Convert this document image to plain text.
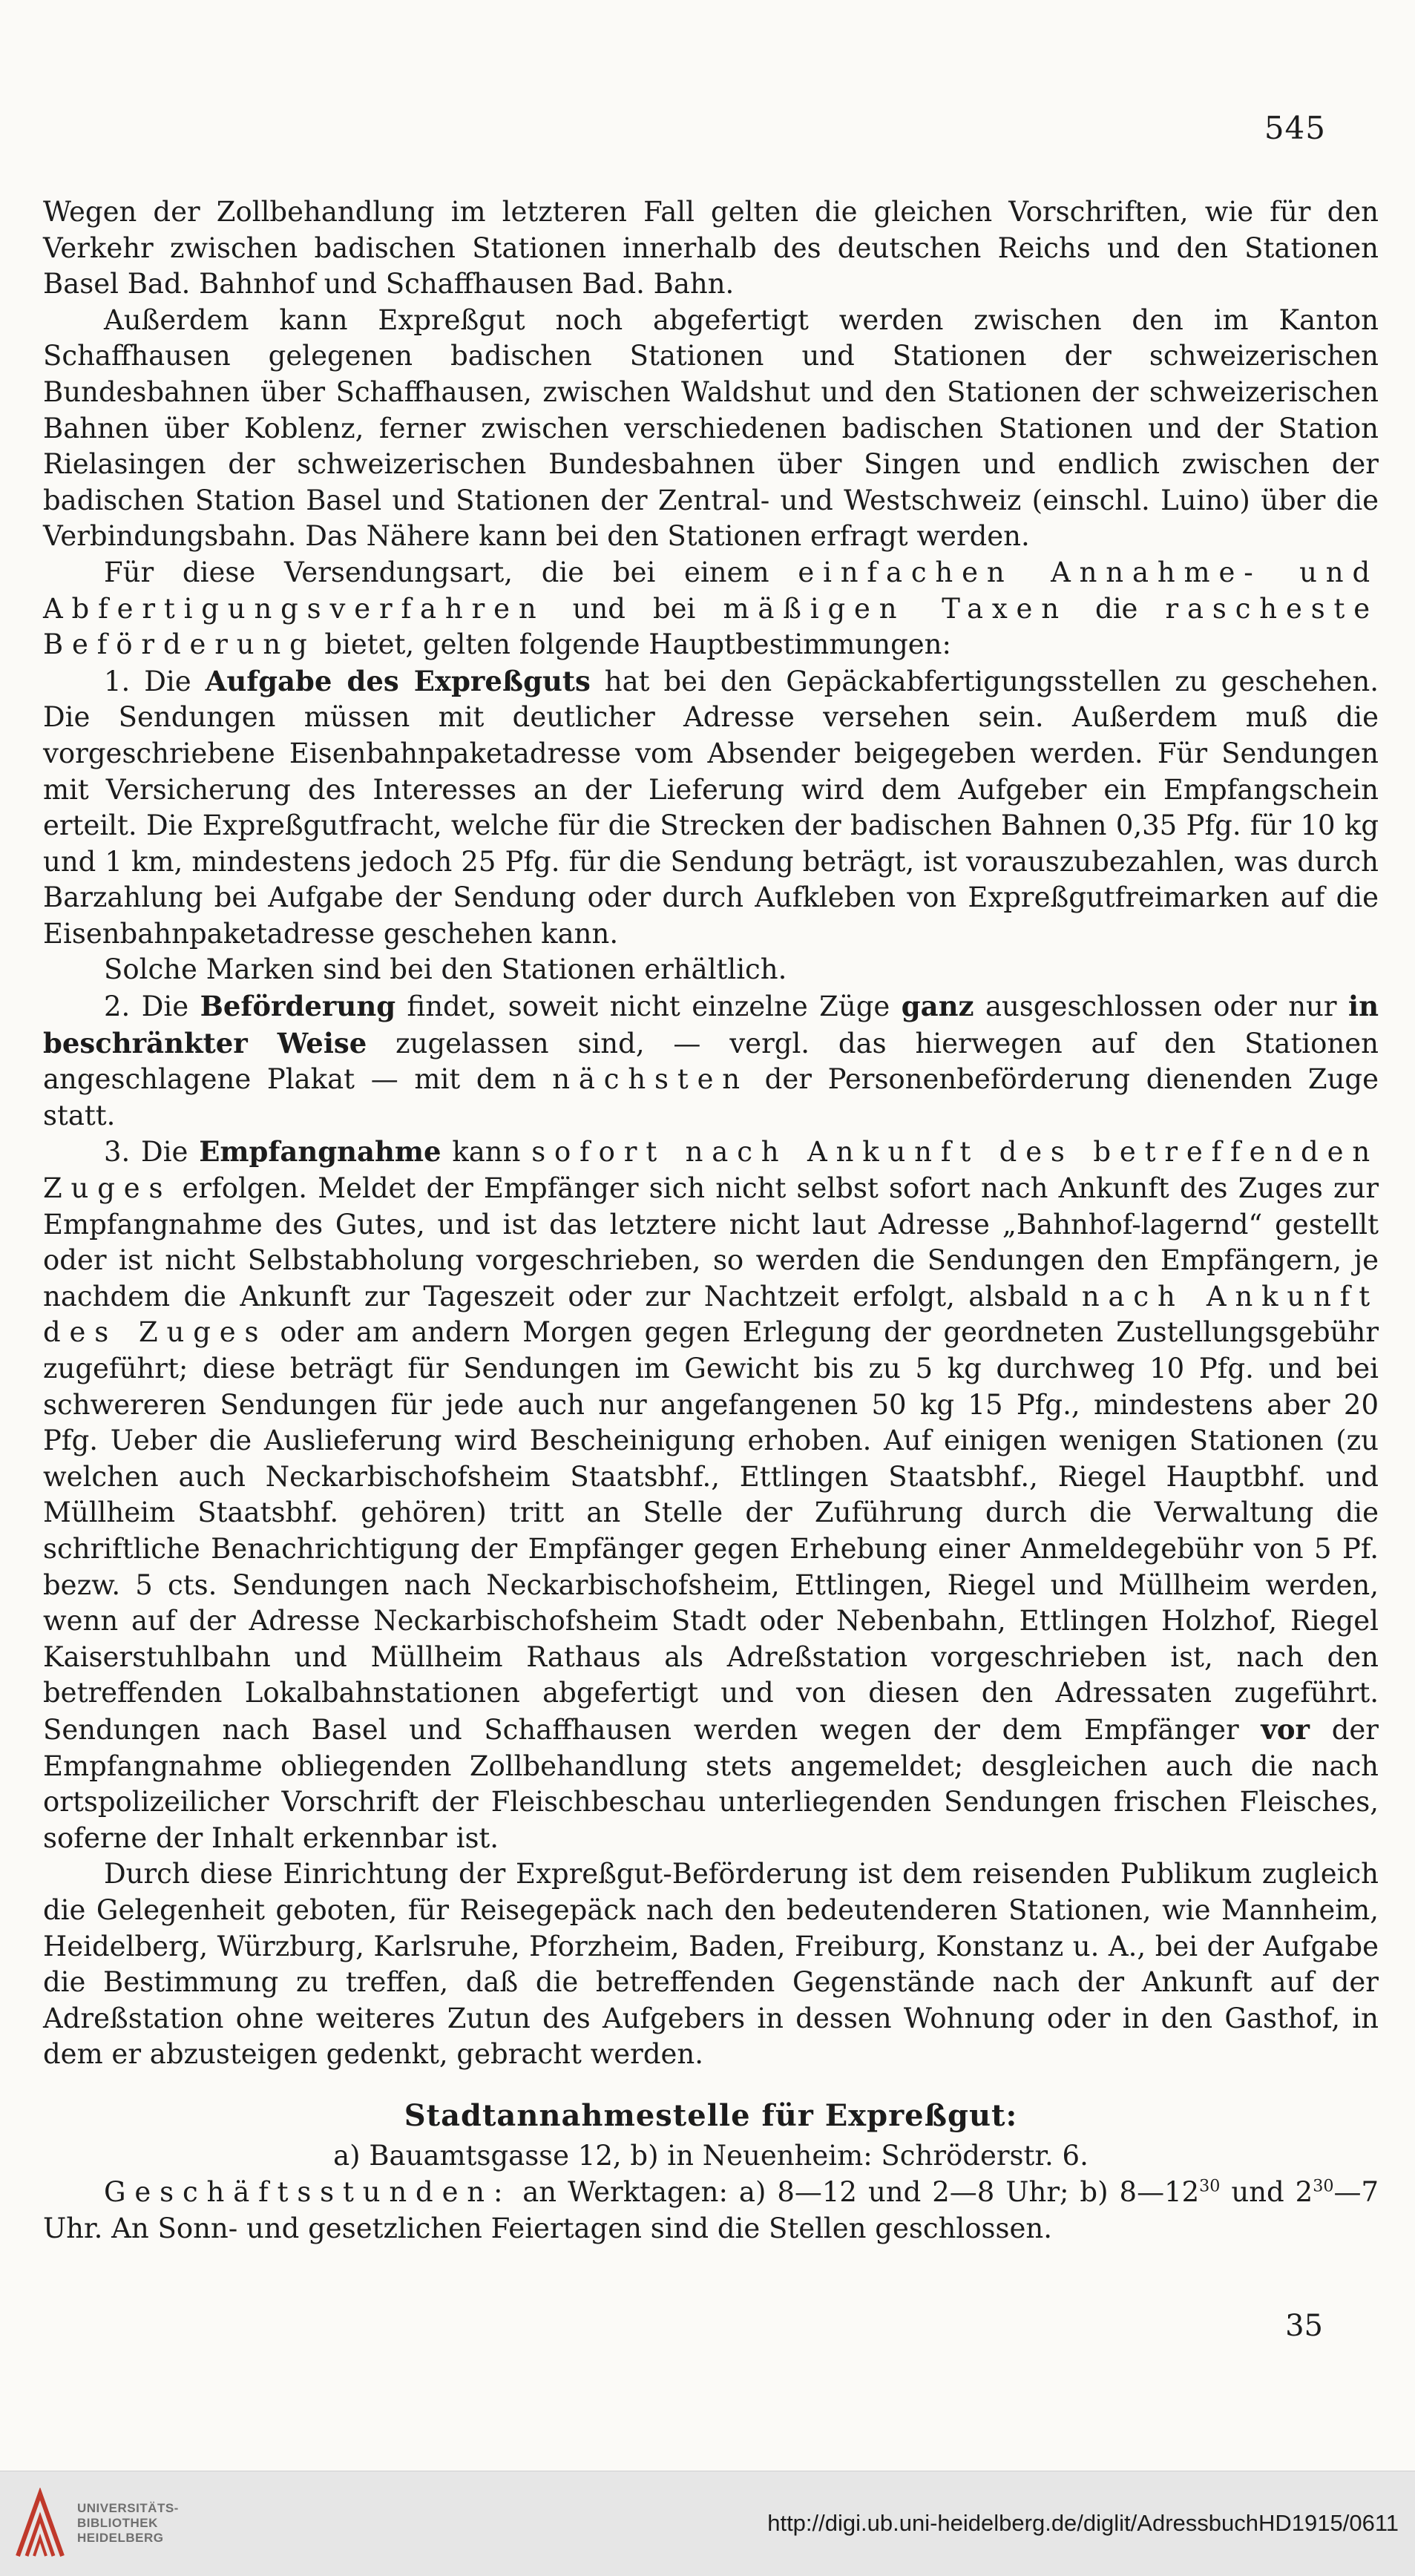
545

Wegen der Zollbehandlung im letzteren Fall gelten die gleichen Vorschriften, wie für den Verkehr zwischen badischen Stationen innerhalb des deutschen Reichs und den Stationen Basel Bad. Bahnhof und Schaffhausen Bad. Bahn.

Außerdem kann Expreßgut noch abgefertigt werden zwischen den im Kanton Schaffhausen gelegenen badischen Stationen und Stationen der schweizerischen Bundesbahnen über Schaffhausen, zwischen Waldshut und den Stationen der schweizerischen Bahnen über Koblenz, ferner zwischen verschiedenen badischen Stationen und der Station Rielasingen der schweizerischen Bundesbahnen über Singen und endlich zwischen der badischen Station Basel und Stationen der Zentral- und Westschweiz (einschl. Luino) über die Verbindungsbahn. Das Nähere kann bei den Stationen erfragt werden.

Für diese Versendungsart, die bei einem einfachen Annahme- und Abfertigungsverfahren und bei mäßigen Taxen die rascheste Beförderung bietet, gelten folgende Hauptbestimmungen:

1. Die Aufgabe des Expreßguts hat bei den Gepäckabfertigungsstellen zu geschehen. Die Sendungen müssen mit deutlicher Adresse versehen sein. Außerdem muß die vorgeschriebene Eisenbahnpaketadresse vom Absender beigegeben werden. Für Sendungen mit Versicherung des Interesses an der Lieferung wird dem Aufgeber ein Empfangschein erteilt. Die Expreßgutfracht, welche für die Strecken der badischen Bahnen 0,35 Pfg. für 10 kg und 1 km, mindestens jedoch 25 Pfg. für die Sendung beträgt, ist vorauszubezahlen, was durch Barzahlung bei Aufgabe der Sendung oder durch Aufkleben von Expreßgutfreimarken auf die Eisenbahnpaketadresse geschehen kann.

Solche Marken sind bei den Stationen erhältlich.

2. Die Beförderung findet, soweit nicht einzelne Züge ganz ausgeschlossen oder nur in beschränkter Weise zugelassen sind, — vergl. das hierwegen auf den Stationen angeschlagene Plakat — mit dem nächsten der Personenbeförderung dienenden Zuge statt.

3. Die Empfangnahme kann sofort nach Ankunft des betreffenden Zuges erfolgen. Meldet der Empfänger sich nicht selbst sofort nach Ankunft des Zuges zur Empfangnahme des Gutes, und ist das letztere nicht laut Adresse „Bahnhof-lagernd“ gestellt oder ist nicht Selbstabholung vorgeschrieben, so werden die Sendungen den Empfängern, je nachdem die Ankunft zur Tageszeit oder zur Nachtzeit erfolgt, alsbald nach Ankunft des Zuges oder am andern Morgen gegen Erlegung der geordneten Zustellungsgebühr zugeführt; diese beträgt für Sendungen im Gewicht bis zu 5 kg durchweg 10 Pfg. und bei schwereren Sendungen für jede auch nur angefangenen 50 kg 15 Pfg., mindestens aber 20 Pfg. Ueber die Auslieferung wird Bescheinigung erhoben. Auf einigen wenigen Stationen (zu welchen auch Neckarbischofsheim Staatsbhf., Ettlingen Staatsbhf., Riegel Hauptbhf. und Müllheim Staatsbhf. gehören) tritt an Stelle der Zuführung durch die Verwaltung die schriftliche Benachrichtigung der Empfänger gegen Erhebung einer Anmeldegebühr von 5 Pf. bezw. 5 cts. Sendungen nach Neckarbischofsheim, Ettlingen, Riegel und Müllheim werden, wenn auf der Adresse Neckarbischofsheim Stadt oder Nebenbahn, Ettlingen Holzhof, Riegel Kaiserstuhlbahn und Müllheim Rathaus als Adreßstation vorgeschrieben ist, nach den betreffenden Lokalbahnstationen abgefertigt und von diesen den Adressaten zugeführt. Sendungen nach Basel und Schaffhausen werden wegen der dem Empfänger vor der Empfangnahme obliegenden Zollbehandlung stets angemeldet; desgleichen auch die nach ortspolizeilicher Vorschrift der Fleischbeschau unterliegenden Sendungen frischen Fleisches, soferne der Inhalt erkennbar ist.

Durch diese Einrichtung der Expreßgut-Beförderung ist dem reisenden Publikum zugleich die Gelegenheit geboten, für Reisegepäck nach den bedeutenderen Stationen, wie Mannheim, Heidelberg, Würzburg, Karlsruhe, Pforzheim, Baden, Freiburg, Konstanz u. A., bei der Aufgabe die Bestimmung zu treffen, daß die betreffenden Gegenstände nach der Ankunft auf der Adreßstation ohne weiteres Zutun des Aufgebers in dessen Wohnung oder in den Gasthof, in dem er abzusteigen gedenkt, gebracht werden.

Stadtannahmestelle für Expreßgut:

a) Bauamtsgasse 12, b) in Neuenheim: Schröderstr. 6.

Geschäftsstunden: an Werktagen: a) 8—12 und 2—8 Uhr; b) $8—12^{30}$ und $2^{30}—7$ Uhr. An Sonn- und gesetzlichen Feiertagen sind die Stellen geschlossen.

35
UNIVERSITÄTS-
BIBLIOTHEK
HEIDELBERG
http://digi.ub.uni-heidelberg.de/diglit/AdressbuchHD1915/0611
